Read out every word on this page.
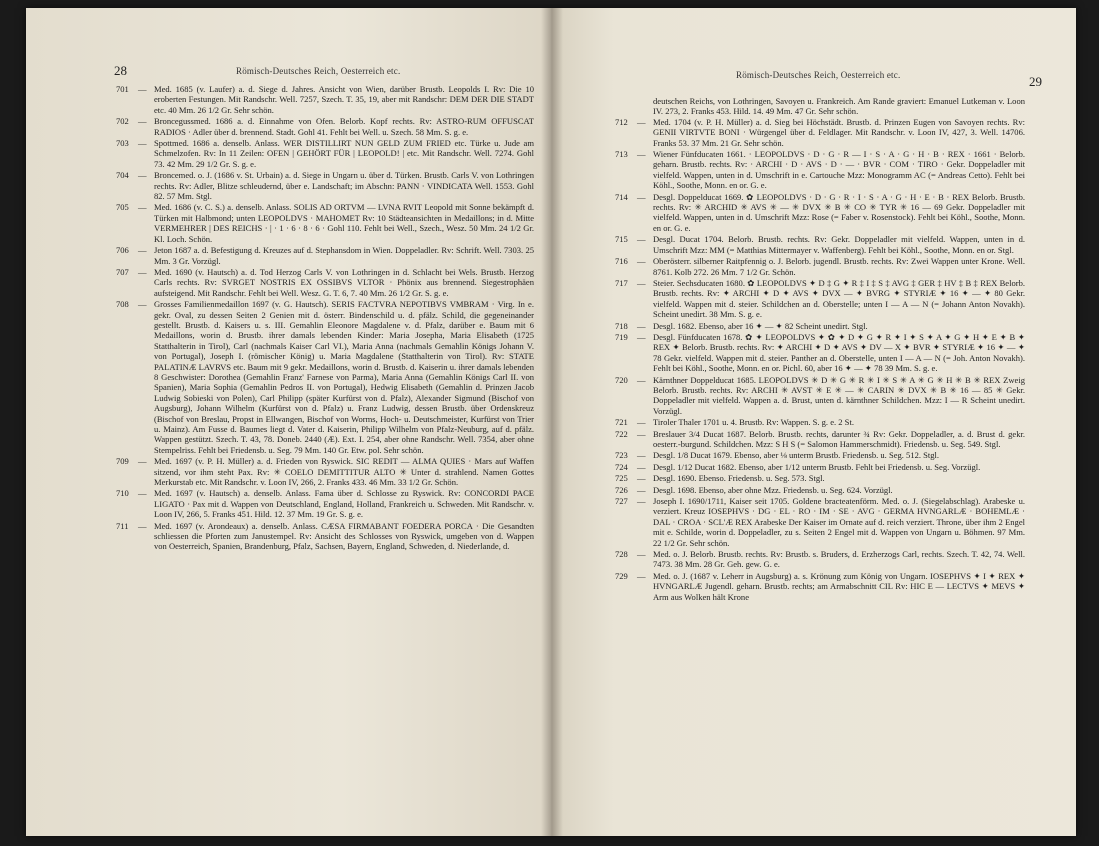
28	Römisch-Deutsches Reich, Oesterreich etc.
701 — Med. 1685 (v. Laufer) a. d. Siege d. Jahres. Ansicht von Wien, darüber Brustb. Leopolds I. Rv: Die 10 eroberten Festungen. Mit Randschr. Well. 7257, Szech. T. 35, 19, aber mit Randschr: DEM DER DIE STADT etc. 40 Mm. 26 1/2 Gr. Sehr schön.

702 — Broncegussmed. 1686 a. d. Einnahme von Ofen. Belorb. Kopf rechts. Rv: ASTRO-RUM OFFUSCAT RADIOS · Adler über d. brennend. Stadt. Gohl 41. Fehlt bei Well. u. Szech. 58 Mm. S. g. e.

703 — Spottmed. 1686 a. denselb. Anlass. WER DISTILLIRT NUN GELD ZUM FRIED etc. Türke u. Jude am Schmelzofen. Rv: In 11 Zeilen: OFEN | GEHÖRT FÜR | LEOPOLD! | etc. Mit Randschr. Well. 7274. Gohl 73. 42 Mm. 29 1/2 Gr. S. g. e.

704 — Broncemed. o. J. (1686 v. St. Urbain) a. d. Siege in Ungarn u. über d. Türken. Brustb. Carls V. von Lothringen rechts. Rv: Adler, Blitze schleudernd, über e. Landschaft; im Abschn: PANN · VINDICATA Well. 1553. Gohl 82. 57 Mm. Stgl.

705 — Med. 1686 (v. C. S.) a. denselb. Anlass. SOLIS AD ORTVM — LVNA RVIT Leopold mit Sonne bekämpft d. Türken mit Halbmond; unten LEOPOLDVS · MAHOMET Rv: 10 Städteansichten in Medaillons; in d. Mitte VERMEHRER | DES REICHS · | · 1 · 6 · 8 · 6 · Gohl 110. Fehlt bei Well., Szech., Wesz. 50 Mm. 24 1/2 Gr. Kl. Loch. Schön.

706 — Jeton 1687 a. d. Befestigung d. Kreuzes auf d. Stephansdom in Wien. Doppeladler. Rv: Schrift. Well. 7303. 25 Mm. 3 Gr. Vorzügl.

707 — Med. 1690 (v. Hautsch) a. d. Tod Herzog Carls V. von Lothringen in d. Schlacht bei Wels. Brustb. Herzog Carls rechts. Rv: SVRGET NOSTRIS EX OSSIBVS VLTOR · Phönix aus brennend. Siegestrophäen aufsteigend. Mit Randschr. Fehlt bei Well. Wesz. G. T. 6, 7. 40 Mm. 26 1/2 Gr. S. g. e.

708 — Grosses Familienmedaillon 1697 (v. G. Hautsch). SERIS FACTVRA NEPOTIBVS VMBRAM · Virg. In e. gekr. Oval, zu dessen Seiten 2 Genien mit d. österr. Bindenschild u. d. pfälz. Schild, die gegeneinander gestellt. Brustb. d. Kaisers u. s. III. Gemahlin Eleonore Magdalene v. d. Pfalz, darüber e. Baum mit 6 Medaillons, worin d. Brustb. ihrer damals lebenden Kinder: Maria Josepha, Maria Elisabeth (1725 Statthalterin in Tirol), Carl (nachmals Kaiser Carl VI.), Maria Anna (nachmals Gemahlin Königs Johann V. von Portugal), Joseph I. (römischer König) u. Maria Magdalene (Statthalterin von Tirol). Rv: STATE PALATINÆ LAVRVS etc. Baum mit 9 gekr. Medaillons, worin d. Brustb. d. Kaiserin u. ihrer damals lebenden 8 Geschwister: Dorothea (Gemahlin Franz' Farnese von Parma), Maria Anna (Gemahlin Königs Carl II. von Spanien), Maria Sophia (Gemahlin Pedros II. von Portugal), Hedwig Elisabeth (Gemahlin d. Prinzen Jacob Ludwig Sobieski von Polen), Carl Philipp (später Kurfürst von d. Pfalz), Alexander Sigmund (Bischof von Augsburg), Johann Wilhelm (Kurfürst von d. Pfalz) u. Franz Ludwig, dessen Brustb. über Ordenskreuz (Bischof von Breslau, Propst in Ellwangen, Bischof von Worms, Hoch- u. Deutschmeister, Kurfürst von Trier u. Mainz). Am Fusse d. Baumes liegt d. Vater d. Kaiserin, Philipp Wilhelm von Pfalz-Neuburg, auf d. pfälz. Wappen gestützt. Szech. T. 43, 78. Doneb. 2440 (Æ). Ext. I. 254, aber ohne Randschr. Well. 7354, aber ohne Stempelriss. Fehlt bei Friedensb. u. Seg. 79 Mm. 140 Gr. Etw. pol. Sehr schön.

709 — Med. 1697 (v. P. H. Müller) a. d. Frieden von Ryswick. SIC REDIT — ALMA QUIES · Mars auf Waffen sitzend, vor ihm steht Pax. Rv: ✳ COELO DEMITTITUR ALTO ✳ Unter d. strahlend. Namen Gottes Merkurstab etc. Mit Randschr. v. Loon IV, 266, 2. Franks 433. 46 Mm. 33 1/2 Gr. Schön.

710 — Med. 1697 (v. Hautsch) a. denselb. Anlass. Fama über d. Schlosse zu Ryswick. Rv: CONCORDI PACE LIGATO · Pax mit d. Wappen von Deutschland, England, Holland, Frankreich u. Schweden. Mit Randschr. v. Loon IV, 266, 5. Franks 451. Hild. 12. 37 Mm. 19 Gr. S. g. e.

711 — Med. 1697 (v. Arondeaux) a. denselb. Anlass. CÆSA FIRMABANT FOEDERA PORCA · Die Gesandten schliessen die Pforten zum Janustempel. Rv: Ansicht des Schlosses von Ryswick, umgeben von d. Wappen von Oesterreich, Spanien, Brandenburg, Pfalz, Sachsen, Bayern, England, Schweden, d. Niederlande, d.

Römisch-Deutsches Reich, Oesterreich etc.	29

deutschen Reichs, von Lothringen, Savoyen u. Frankreich. Am Rande graviert: Emanuel Lutkeman v. Loon IV. 273, 2. Franks 453. Hild. 14. 49 Mm. 47 Gr. Sehr schön.

712 — Med. 1704 (v. P. H. Müller) a. d. Sieg bei Höchstädt. Brustb. d. Prinzen Eugen von Savoyen rechts. Rv: GENII VIRTVTE BONI · Würgengel über d. Feldlager. Mit Randschr. v. Loon IV, 427, 3. Well. 14706. Franks 53. 37 Mm. 21 Gr. Sehr schön.

713 — Wiener Fünfducaten 1661. · LEOPOLDVS · D · G · R — I · S · A · G · H · B · REX · 1661 · Belorb. geharn. Brustb. rechts. Rv: · ARCHI · D · AVS · D · — · BVR · COM · TIRO · Gekr. Doppeladler mit vielfeld. Wappen, unten in d. Umschrift in e. Cartouche Mzz: Monogramm AC (= Andreas Cetto). Fehlt bei Köhl., Soothe, Monn. en or. G. e.

714 — Desgl. Doppelducat 1669. ✿ LEOPOLDVS · D · G · R · I · S · A · G · H · E · B · REX Belorb. Brustb. rechts. Rv: ✳ ARCHID ✳ AVS ✳ — ✳ DVX ✳ B ✳ CO ✳ TYR ✳ 16 — 69 Gekr. Doppeladler mit vielfeld. Wappen, unten in d. Umschrift Mzz: Rose (= Faber v. Rosenstock). Fehlt bei Köhl., Soothe, Monn. en or. G. e.

715 — Desgl. Ducat 1704. Belorb. Brustb. rechts. Rv: Gekr. Doppeladler mit vielfeld. Wappen, unten in d. Umschrift Mzz: MM (= Matthias Mittermayer v. Waffenberg). Fehlt bei Köhl., Soothe, Monn. en or. Stgl.

716 — Oberösterr. silberner Raitpfennig o. J. Belorb. jugendl. Brustb. rechts. Rv: Zwei Wappen unter Krone. Well. 8761. Kolb 272. 26 Mm. 7 1/2 Gr. Schön.

717 — Steier. Sechsducaten 1680. ✿ LEOPOLDVS ✦ D ‡ G ✦ R ‡ I ‡ S ‡ AVG ‡ GER ‡ HV ‡ B ‡ REX Belorb. Brustb. rechts. Rv: ✦ ARCHI ✦ D ✦ AVS ✦ DVX — ✦ BVRG ✦ STYRIÆ ✦ 16 ✦ — ✦ 80 Gekr. vielfeld. Wappen mit d. steier. Schildchen an d. Oberstelle; unten I — A — N (= Johann Anton Novakh). Scheint unedirt. 38 Mm. S. g. e.

718 — Desgl. 1682. Ebenso, aber 16 ✦ — ✦ 82 Scheint unedirt. Stgl.

719 — Desgl. Fünfducaten 1678. ✿ ✦ LEOPOLDVS ✦ ✿ ✦ D ✦ G ✦ R ✦ I ✦ S ✦ A ✦ G ✦ H ✦ E ✦ B ✦ REX ✦ Belorb. Brustb. rechts. Rv: ✦ ARCHI ✦ D ✦ AVS ✦ DV — X ✦ BVR ✦ STYRIÆ ✦ 16 ✦ — ✦ 78 Gekr. vielfeld. Wappen mit d. steier. Panther an d. Oberstelle, unten I — A — N (= Joh. Anton Novakh). Fehlt bei Köhl., Soothe, Monn. en or. Pichl. 60, aber 16 ✦ — ✦ 78 39 Mm. S. g. e.

720 — Kärnthner Doppelducat 1685. LEOPOLDVS ✳ D ✳ G ✳ R ✳ I ✳ S ✳ A ✳ G ✳ H ✳ B ✳ REX Zweig Belorb. Brustb. rechts. Rv: ARCHI ✳ AVST ✳ E ✳ — ✳ CARIN ✳ DVX ✳ B ✳ 16 — 85 ✳ Gekr. Doppeladler mit vielfeld. Wappen a. d. Brust, unten d. kärnthner Schildchen. Mzz: I — R Scheint unedirt. Vorzügl.

721 — Tiroler Thaler 1701 u. 4. Brustb. Rv: Wappen. S. g. e. 2 St.

722 — Breslauer 3/4 Ducat 1687. Belorb. Brustb. rechts, darunter ¾ Rv: Gekr. Doppeladler, a. d. Brust d. gekr. oesterr.-burgund. Schildchen. Mzz: S H S (= Salomon Hammerschmidt). Friedensb. u. Seg. 549. Stgl.

723 — Desgl. 1/8 Ducat 1679. Ebenso, aber ⅛ unterm Brustb. Friedensb. u. Seg. 512. Stgl.

724 — Desgl. 1/12 Ducat 1682. Ebenso, aber 1/12 unterm Brustb. Fehlt bei Friedensb. u. Seg. Vorzügl.

725 — Desgl. 1690. Ebenso. Friedensb. u. Seg. 573. Stgl.

726 — Desgl. 1698. Ebenso, aber ohne Mzz. Friedensb. u. Seg. 624. Vorzügl.

727 — Joseph I. 1690/1711, Kaiser seit 1705. Goldene bracteatenförm. Med. o. J. (Siegelabschlag). Arabeske u. verziert. Kreuz IOSEPHVS · DG · EL · RO · IM · SE · AVG · GERMA HVNGARLÆ · BOHEMLÆ · DAL · CROA · SCL'Æ REX Arabeske Der Kaiser im Ornate auf d. reich verziert. Throne, über ihm 2 Engel mit e. Schilde, worin d. Doppeladler, zu s. Seiten 2 Engel mit d. Wappen von Ungarn u. Böhmen. 97 Mm. 22 1/2 Gr. Sehr schön.

728 — Med. o. J. Belorb. Brustb. rechts. Rv: Brustb. s. Bruders, d. Erzherzogs Carl, rechts. Szech. T. 42, 74. Well. 7473. 38 Mm. 28 Gr. Geh. gew. G. e.

729 — Med. o. J. (1687 v. Leherr in Augsburg) a. s. Krönung zum König von Ungarn. IOSEPHVS ✦ I ✦ REX ✦ HVNGARLÆ Jugendl. geharn. Brustb. rechts; am Armabschnitt CIL Rv: HIC E — LECTVS ✦ MEVS ✦ Arm aus Wolken hält Krone
